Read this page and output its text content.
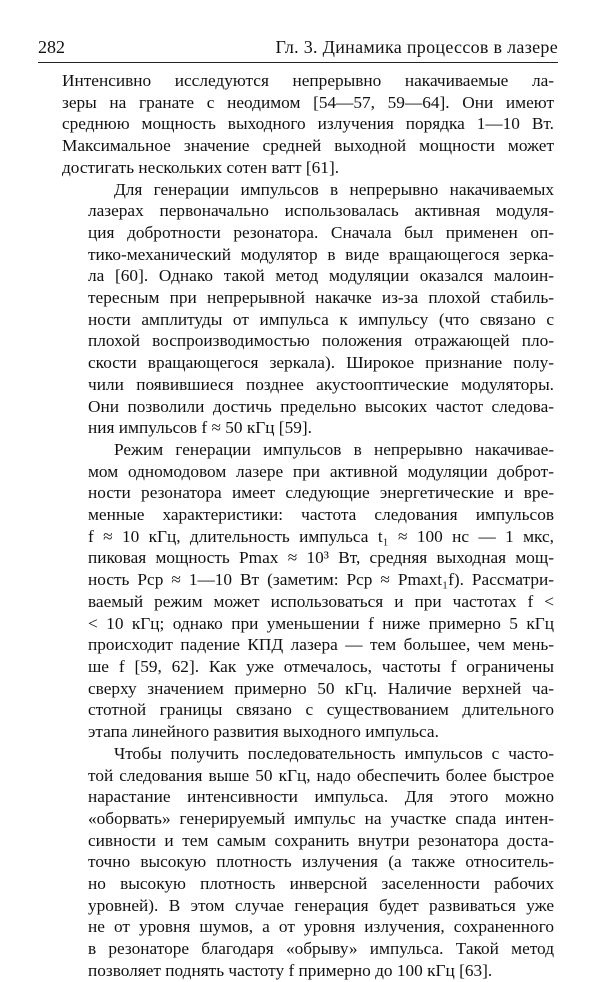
282	Гл. 3. Динамика процессов в лазере
Интенсивно исследуются непрерывно накачиваемые ла-
зеры на гранате с неодимом [54—57, 59—64]. Они имеют
среднюю мощность выходного излучения порядка 1—10 Вт.
Максимальное значение средней выходной мощности может
достигать нескольких сотен ватт [61].
Для генерации импульсов в непрерывно накачиваемых
лазерах первоначально использовалась активная модуля-
ция добротности резонатора. Сначала был применен оп-
тико-механический модулятор в виде вращающегося зерка-
ла [60]. Однако такой метод модуляции оказался малоин-
тересным при непрерывной накачке из-за плохой стабиль-
ности амплитуды от импульса к импульсу (что связано с
плохой воспроизводимостью положения отражающей пло-
скости вращающегося зеркала). Широкое признание полу-
чили появившиеся позднее акустооптические модуляторы.
Они позволили достичь предельно высоких частот следова-
ния импульсов f ≈ 50 кГц [59].
Режим генерации импульсов в непрерывно накачивае-
мом одномодовом лазере при активной модуляции доброт-
ности резонатора имеет следующие энергетические и вре-
менные характеристики: частота следования импульсов
f ≈ 10 кГц, длительность импульса t₁ ≈ 100 нс — 1 мкс,
пиковая мощность Pmax ≈ 10³ Вт, средняя выходная мощ-
ность Pср ≈ 1—10 Вт (заметим: Pср ≈ Pmaxt₁f). Рассматри-
ваемый режим может использоваться и при частотах f <
< 10 кГц; однако при уменьшении f ниже примерно 5 кГц
происходит падение КПД лазера — тем большее, чем мень-
ше f [59, 62]. Как уже отмечалось, частоты f ограничены
сверху значением примерно 50 кГц. Наличие верхней ча-
стотной границы связано с существованием длительного
этапа линейного развития выходного импульса.
Чтобы получить последовательность импульсов с часто-
той следования выше 50 кГц, надо обеспечить более быстрое
нарастание интенсивности импульса. Для этого можно
«оборвать» генерируемый импульс на участке спада интен-
сивности и тем самым сохранить внутри резонатора доста-
точно высокую плотность излучения (а также относитель-
но высокую плотность инверсной заселенности рабочих
уровней). В этом случае генерация будет развиваться уже
не от уровня шумов, а от уровня излучения, сохраненного
в резонаторе благодаря «обрыву» импульса. Такой метод
позволяет поднять частоту f примерно до 100 кГц [63].
